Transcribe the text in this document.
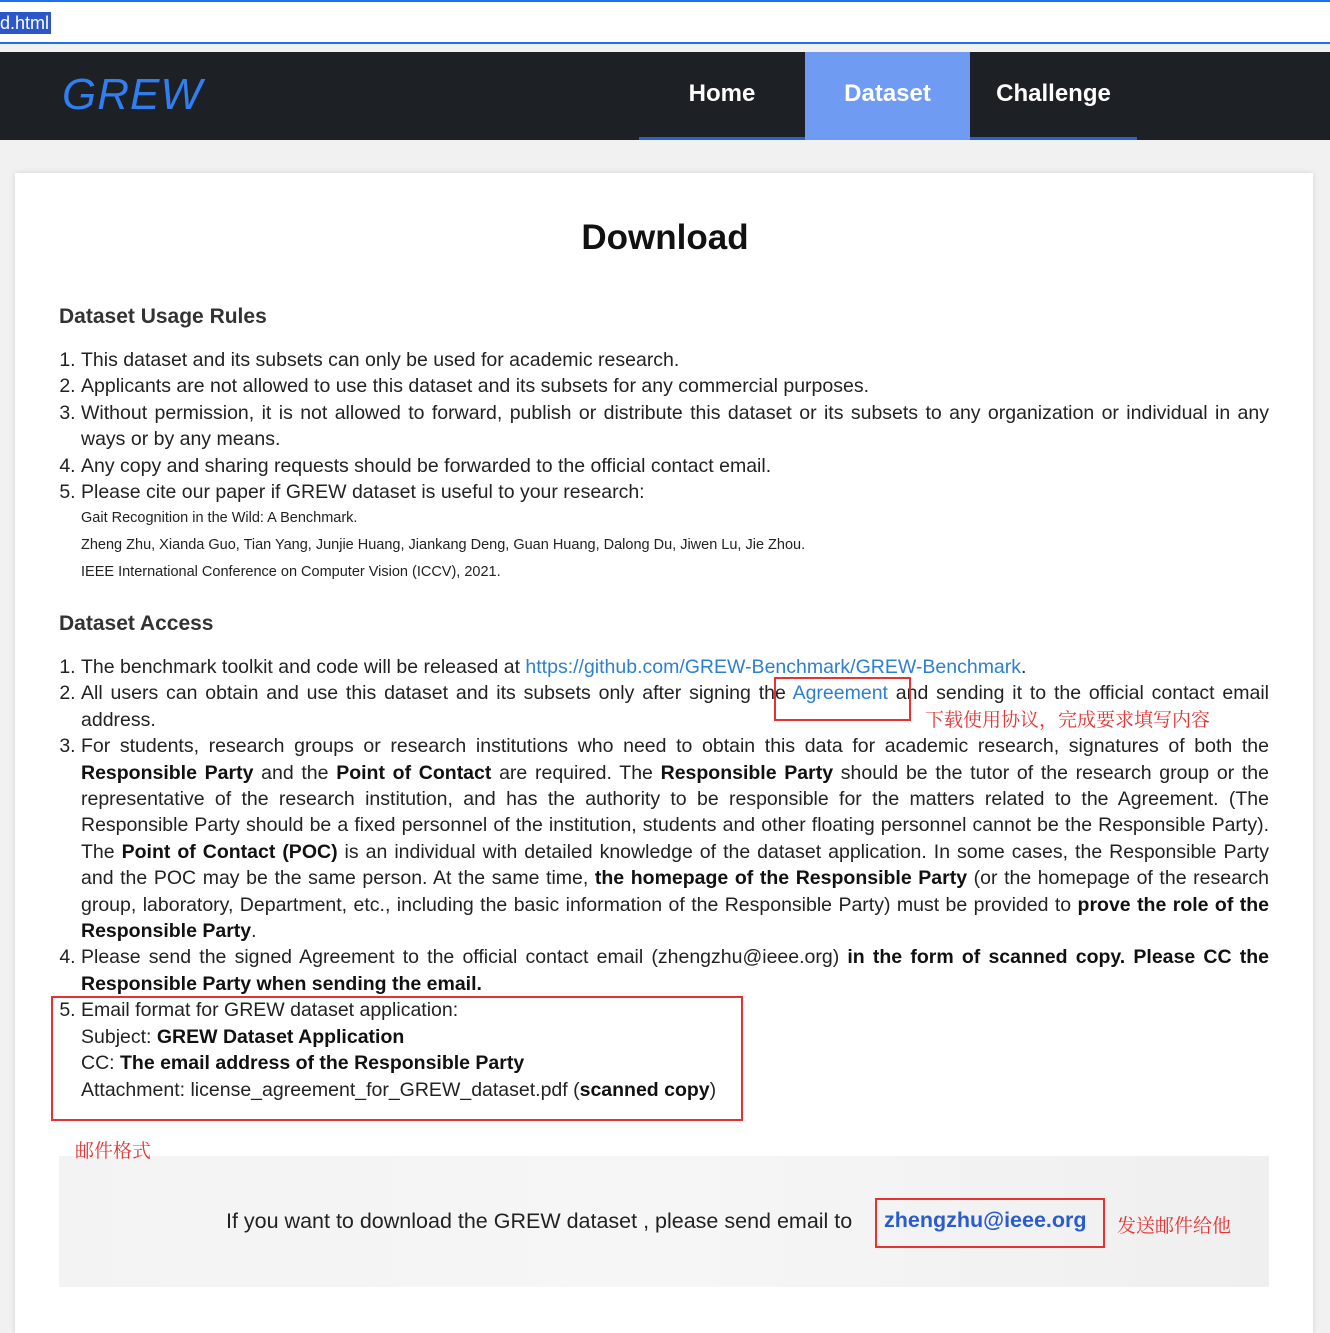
d.html
GREW	Home	Dataset	Challenge
Download
Dataset Usage Rules
1. This dataset and its subsets can only be used for academic research.
2. Applicants are not allowed to use this dataset and its subsets for any commercial purposes.
3. Without permission, it is not allowed to forward, publish or distribute this dataset or its subsets to any organization or individual in any ways or by any means.
4. Any copy and sharing requests should be forwarded to the official contact email.
5. Please cite our paper if GREW dataset is useful to your research:
Gait Recognition in the Wild: A Benchmark.
Zheng Zhu, Xianda Guo, Tian Yang, Junjie Huang, Jiankang Deng, Guan Huang, Dalong Du, Jiwen Lu, Jie Zhou.
IEEE International Conference on Computer Vision (ICCV), 2021.
Dataset Access
1. The benchmark toolkit and code will be released at https://github.com/GREW-Benchmark/GREW-Benchmark.
2. All users can obtain and use this dataset and its subsets only after signing the Agreement and sending it to the official contact email address.
3. For students, research groups or research institutions who need to obtain this data for academic research, signatures of both the Responsible Party and the Point of Contact are required. The Responsible Party should be the tutor of the research group or the representative of the research institution, and has the authority to be responsible for the matters related to the Agreement. (The Responsible Party should be a fixed personnel of the institution, students and other floating personnel cannot be the Responsible Party). The Point of Contact (POC) is an individual with detailed knowledge of the dataset application. In some cases, the Responsible Party and the POC may be the same person. At the same time, the homepage of the Responsible Party (or the homepage of the research group, laboratory, Department, etc., including the basic information of the Responsible Party) must be provided to prove the role of the Responsible Party.
4. Please send the signed Agreement to the official contact email (zhengzhu@ieee.org) in the form of scanned copy. Please CC the Responsible Party when sending the email.
5. Email format for GREW dataset application:
Subject: GREW Dataset Application
CC: The email address of the Responsible Party
Attachment: license_agreement_for_GREW_dataset.pdf (scanned copy)
If you want to download the GREW dataset , please send email to zhengzhu@ieee.org
下载使用协议，完成要求填写内容
邮件格式
发送邮件给他
